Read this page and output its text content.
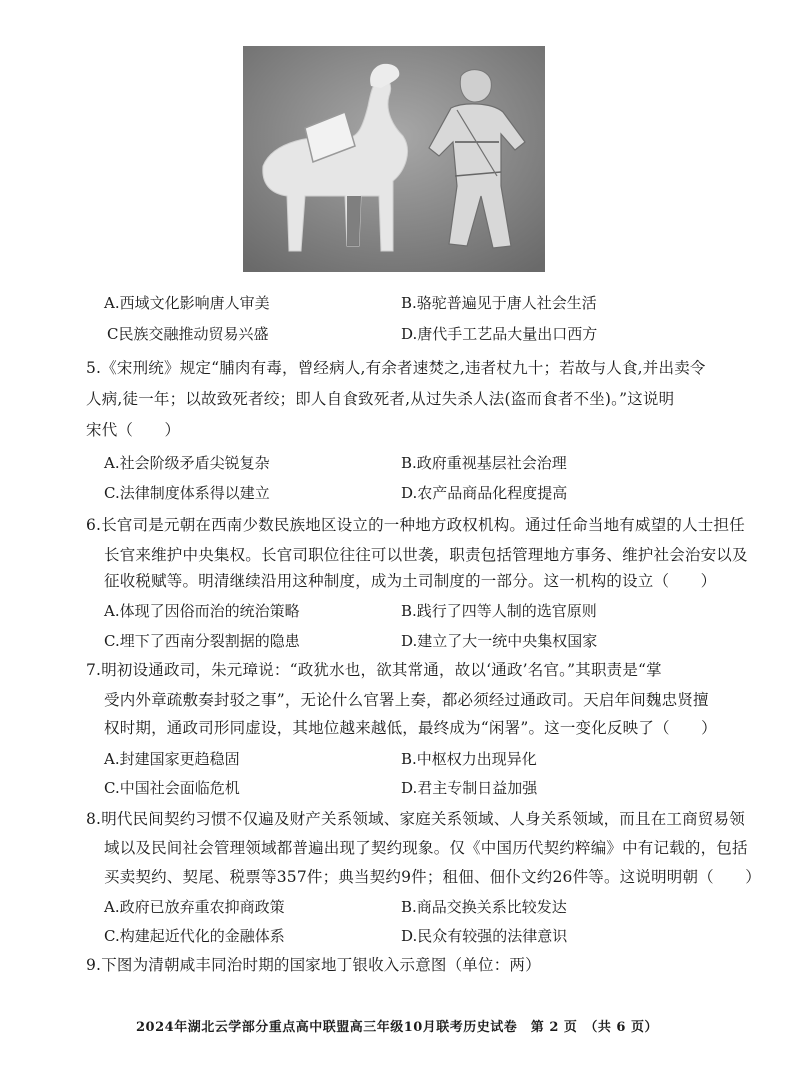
A.西域文化影响唐人审美	B.骆驼普遍见于唐人社会生活
C民族交融推动贸易兴盛	D.唐代手工艺品大量出口西方
5.《宋刑统》规定“脯肉有毒，曾经病人,有余者速焚之,违者杖九十；若故与人食,并出卖令
人病,徒一年；以故致死者绞；即人自食致死者,从过失杀人法(盗而食者不坐)。”这说明
宋代（　　）
A.社会阶级矛盾尖锐复杂	B.政府重视基层社会治理
C.法律制度体系得以建立	D.农产品商品化程度提高
6.长官司是元朝在西南少数民族地区设立的一种地方政权机构。通过任命当地有威望的人士担任
长官来维护中央集权。长官司职位往往可以世袭，职责包括管理地方事务、维护社会治安以及
征收税赋等。明清继续沿用这种制度，成为土司制度的一部分。这一机构的设立（　　）
A.体现了因俗而治的统治策略	B.践行了四等人制的选官原则
C.埋下了西南分裂割据的隐患	D.建立了大一统中央集权国家
7.明初设通政司，朱元璋说：“政犹水也，欲其常通，故以‘通政’名官。”其职责是“掌
受内外章疏敷奏封驳之事”，无论什么官署上奏，都必须经过通政司。天启年间魏忠贤擅
权时期，通政司形同虚设，其地位越来越低，最终成为“闲署”。这一变化反映了（　　）
A.封建国家更趋稳固	B.中枢权力出现异化
C.中国社会面临危机	D.君主专制日益加强
8.明代民间契约习惯不仅遍及财产关系领域、家庭关系领域、人身关系领域，而且在工商贸易领
域以及民间社会管理领域都普遍出现了契约现象。仅《中国历代契约粹编》中有记载的，包括
买卖契约、契尾、税票等357件；典当契约9件；租佃、佃仆文约26件等。这说明明朝（　　）
A.政府已放弃重农抑商政策	B.商品交换关系比较发达
C.构建起近代化的金融体系	D.民众有较强的法律意识
9.下图为清朝咸丰同治时期的国家地丁银收入示意图（单位：两）
2024年湖北云学部分重点高中联盟高三年级10月联考历史试卷　第 2 页　（共 6 页）
